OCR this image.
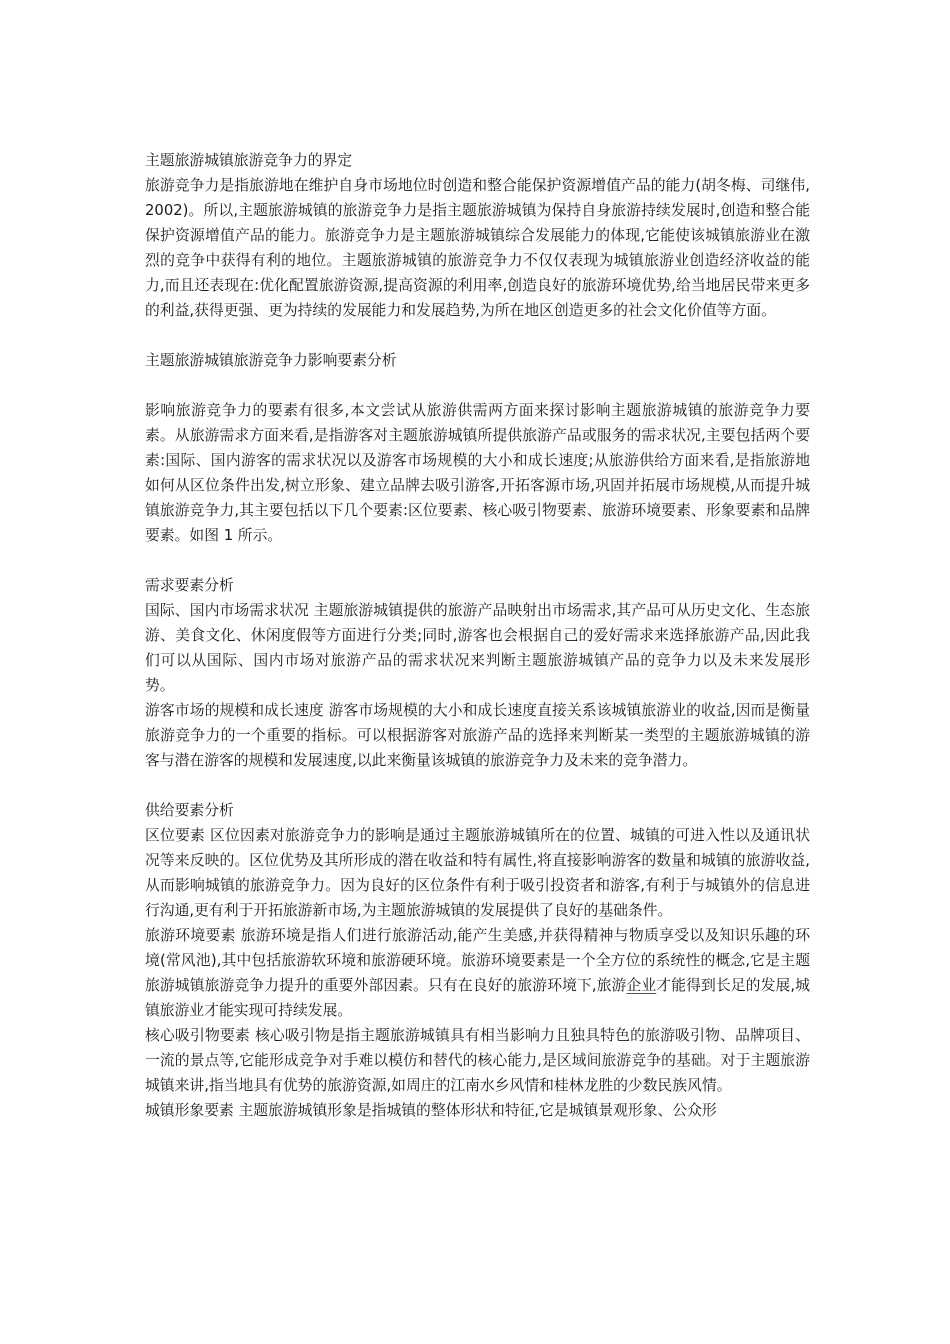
主题旅游城镇旅游竞争力的界定

旅游竞争力是指旅游地在维护自身市场地位时创造和整合能保护资源增值产品的能力(胡冬梅、司继伟,2002)。所以,主题旅游城镇的旅游竞争力是指主题旅游城镇为保持自身旅游持续发展时,创造和整合能保护资源增值产品的能力。旅游竞争力是主题旅游城镇综合发展能力的体现,它能使该城镇旅游业在激烈的竞争中获得有利的地位。主题旅游城镇的旅游竞争力不仅仅表现为城镇旅游业创造经济收益的能力,而且还表现在:优化配置旅游资源,提高资源的利用率,创造良好的旅游环境优势,给当地居民带来更多的利益,获得更强、更为持续的发展能力和发展趋势,为所在地区创造更多的社会文化价值等方面。

主题旅游城镇旅游竞争力影响要素分析

影响旅游竞争力的要素有很多,本文尝试从旅游供需两方面来探讨影响主题旅游城镇的旅游竞争力要素。从旅游需求方面来看,是指游客对主题旅游城镇所提供旅游产品或服务的需求状况,主要包括两个要素:国际、国内游客的需求状况以及游客市场规模的大小和成长速度;从旅游供给方面来看,是指旅游地如何从区位条件出发,树立形象、建立品牌去吸引游客,开拓客源市场,巩固并拓展市场规模,从而提升城镇旅游竞争力,其主要包括以下几个要素:区位要素、核心吸引物要素、旅游环境要素、形象要素和品牌要素。如图 1 所示。

需求要素分析

国际、国内市场需求状况 主题旅游城镇提供的旅游产品映射出市场需求,其产品可从历史文化、生态旅游、美食文化、休闲度假等方面进行分类;同时,游客也会根据自己的爱好需求来选择旅游产品,因此我们可以从国际、国内市场对旅游产品的需求状况来判断主题旅游城镇产品的竞争力以及未来发展形势。

游客市场的规模和成长速度 游客市场规模的大小和成长速度直接关系该城镇旅游业的收益,因而是衡量旅游竞争力的一个重要的指标。可以根据游客对旅游产品的选择来判断某一类型的主题旅游城镇的游客与潜在游客的规模和发展速度,以此来衡量该城镇的旅游竞争力及未来的竞争潜力。

供给要素分析

区位要素 区位因素对旅游竞争力的影响是通过主题旅游城镇所在的位置、城镇的可进入性以及通讯状况等来反映的。区位优势及其所形成的潜在收益和特有属性,将直接影响游客的数量和城镇的旅游收益,从而影响城镇的旅游竞争力。因为良好的区位条件有利于吸引投资者和游客,有利于与城镇外的信息进行沟通,更有利于开拓旅游新市场,为主题旅游城镇的发展提供了良好的基础条件。

旅游环境要素 旅游环境是指人们进行旅游活动,能产生美感,并获得精神与物质享受以及知识乐趣的环境(常风池),其中包括旅游软环境和旅游硬环境。旅游环境要素是一个全方位的系统性的概念,它是主题旅游城镇旅游竞争力提升的重要外部因素。只有在良好的旅游环境下,旅游企业才能得到长足的发展,城镇旅游业才能实现可持续发展。

核心吸引物要素 核心吸引物是指主题旅游城镇具有相当影响力且独具特色的旅游吸引物、品牌项目、一流的景点等,它能形成竞争对手难以模仿和替代的核心能力,是区域间旅游竞争的基础。对于主题旅游城镇来讲,指当地具有优势的旅游资源,如周庄的江南水乡风情和桂林龙胜的少数民族风情。

城镇形象要素 主题旅游城镇形象是指城镇的整体形状和特征,它是城镇景观形象、公众形
